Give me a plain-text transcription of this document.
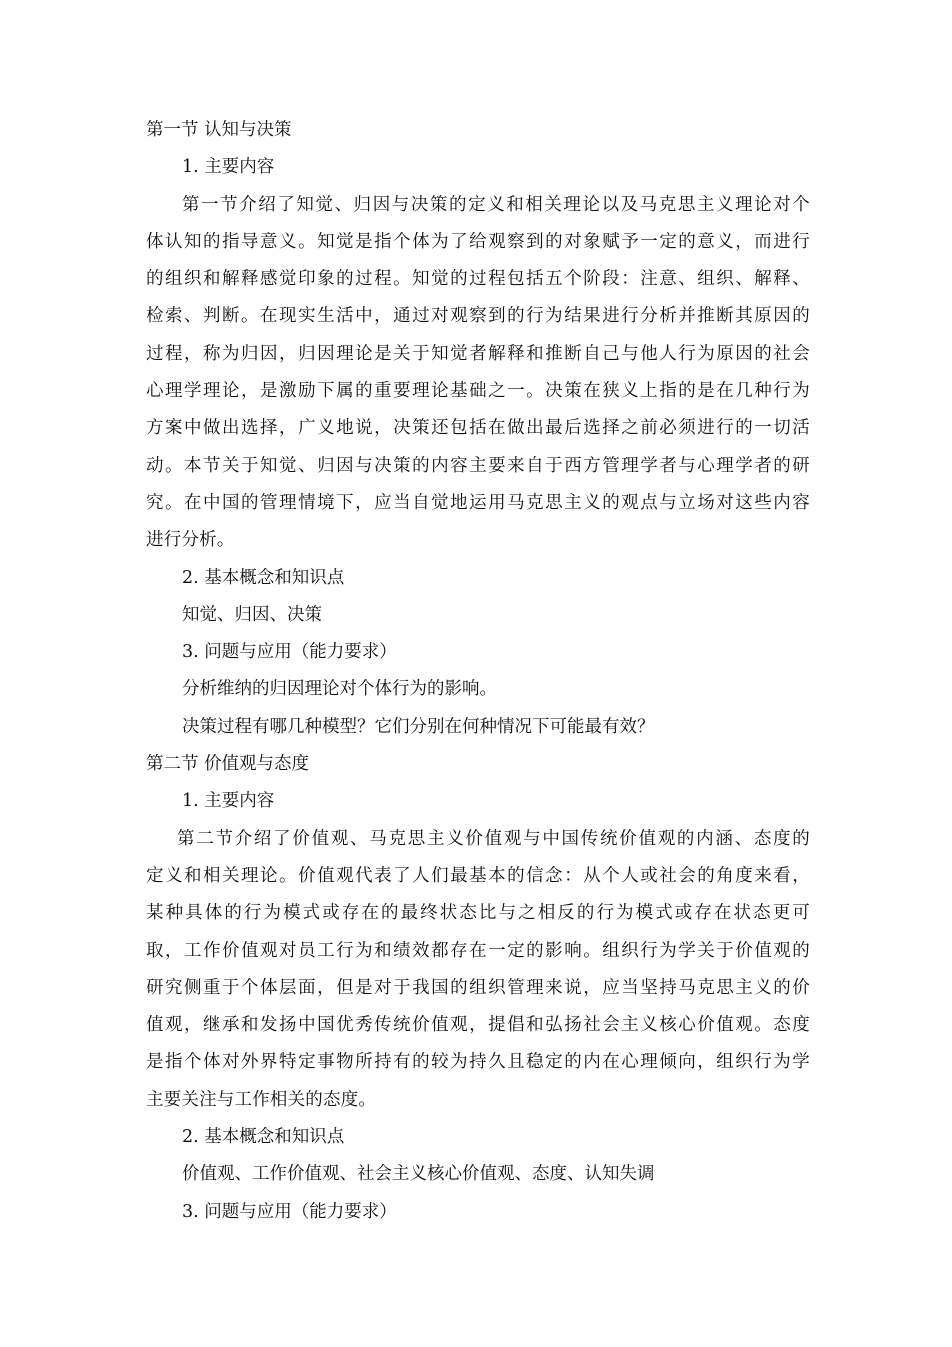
第一节 认知与决策
1. 主要内容
第一节介绍了知觉、归因与决策的定义和相关理论以及马克思主义理论对个
体认知的指导意义。知觉是指个体为了给观察到的对象赋予一定的意义，而进行
的组织和解释感觉印象的过程。知觉的过程包括五个阶段：注意、组织、解释、
检索、判断。在现实生活中，通过对观察到的行为结果进行分析并推断其原因的
过程，称为归因，归因理论是关于知觉者解释和推断自己与他人行为原因的社会
心理学理论，是激励下属的重要理论基础之一。决策在狭义上指的是在几种行为
方案中做出选择，广义地说，决策还包括在做出最后选择之前必须进行的一切活
动。本节关于知觉、归因与决策的内容主要来自于西方管理学者与心理学者的研
究。在中国的管理情境下，应当自觉地运用马克思主义的观点与立场对这些内容
进行分析。
2. 基本概念和知识点
知觉、归因、决策
3. 问题与应用（能力要求）
分析维纳的归因理论对个体行为的影响。
决策过程有哪几种模型？它们分别在何种情况下可能最有效？
第二节 价值观与态度
1. 主要内容
第二节介绍了价值观、马克思主义价值观与中国传统价值观的内涵、态度的
定义和相关理论。价值观代表了人们最基本的信念：从个人或社会的角度来看，
某种具体的行为模式或存在的最终状态比与之相反的行为模式或存在状态更可
取，工作价值观对员工行为和绩效都存在一定的影响。组织行为学关于价值观的
研究侧重于个体层面，但是对于我国的组织管理来说，应当坚持马克思主义的价
值观，继承和发扬中国优秀传统价值观，提倡和弘扬社会主义核心价值观。态度
是指个体对外界特定事物所持有的较为持久且稳定的内在心理倾向，组织行为学
主要关注与工作相关的态度。
2. 基本概念和知识点
价值观、工作价值观、社会主义核心价值观、态度、认知失调
3. 问题与应用（能力要求）
